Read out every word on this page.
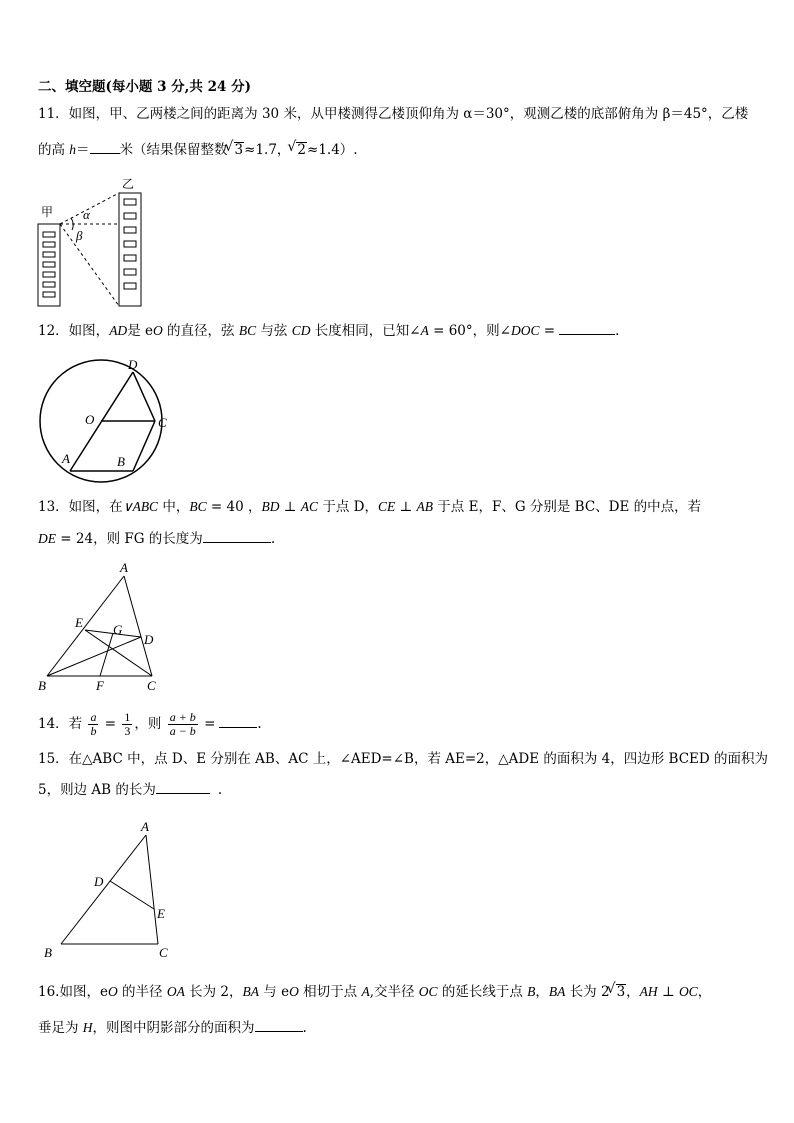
二、填空题(每小题 3 分,共 24 分)
11．如图，甲、乙两楼之间的距离为 30 米，从甲楼测得乙楼顶仰角为 α＝30°，观测乙楼的底部俯角为 β＝45°，乙楼
的高 h＝ 米（结果保留整数 √ 3≈1.7， √ 2≈1.4）.
甲
乙
α
β
12．如图，AD是 eO 的直径，弦 BC 与弦 CD 长度相同，已知∠A = 60°，则∠DOC =	.
D
O	C
A	B
13．如图，在∨ABC 中，BC = 40 ，BD ⊥ AC 于点 D，CE ⊥ AB 于点 E，F、G 分别是 BC、DE 的中点，若
DE = 24，则 FG 的长度为	.
A
E G
D
B	F	C
14．若 $\frac{a}{b} = \frac{1}{3}$ ，则 $\frac{a + b}{a - b}$ =	.
15．在△ABC 中，点 D、E 分别在 AB、AC 上，∠AED=∠B，若 AE=2，△ADE 的面积为 4，四边形 BCED 的面积为
5，则边 AB 的长为	.
A
D
E
B	C
16.如图，eO 的半径 OA 长为 2，BA 与 eO 相切于点 A,交半径 OC 的延长线于点 B，BA 长为 2 √ 3，AH ⊥ OC，
垂足为 H，则图中阴影部分的面积为	.
